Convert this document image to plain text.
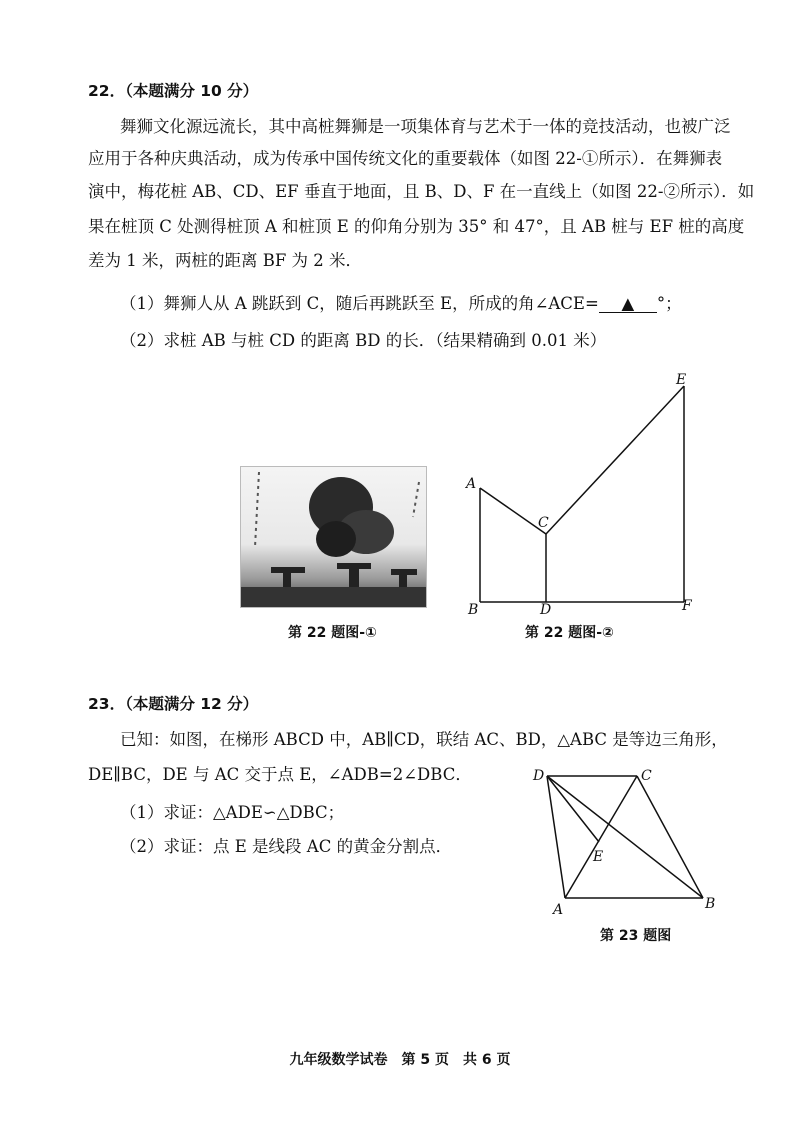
22．（本题满分 10 分）
舞狮文化源远流长，其中高桩舞狮是一项集体育与艺术于一体的竞技活动，也被广泛
应用于各种庆典活动，成为传承中国传统文化的重要载体（如图 22-①所示）．在舞狮表
演中，梅花桩 AB、CD、EF 垂直于地面，且 B、D、F 在一直线上（如图 22-②所示）．如
果在桩顶 C 处测得桩顶 A 和桩顶 E 的仰角分别为 35° 和 47°，且 AB 桩与 EF 桩的高度
差为 1 米，两桩的距离 BF 为 2 米．
（1）舞狮人从 A 跳跃到 C，随后再跳跃至 E，所成的角∠ACE= ▲ °；
（2）求桩 AB 与桩 CD 的距离 BD 的长．（结果精确到 0.01 米）
第 22 题图-①
A
B
C
D
E
F
第 22 题图-②
23．（本题满分 12 分）
已知：如图，在梯形 ABCD 中，AB∥CD，联结 AC、BD，△ABC 是等边三角形，
DE∥BC，DE 与 AC 交于点 E，∠ADB=2∠DBC．
（1）求证：△ADE∽△DBC；
（2）求证：点 E 是线段 AC 的黄金分割点．
D	C
E
A	B
第 23 题图
九年级数学试卷　第 5 页　共 6 页
